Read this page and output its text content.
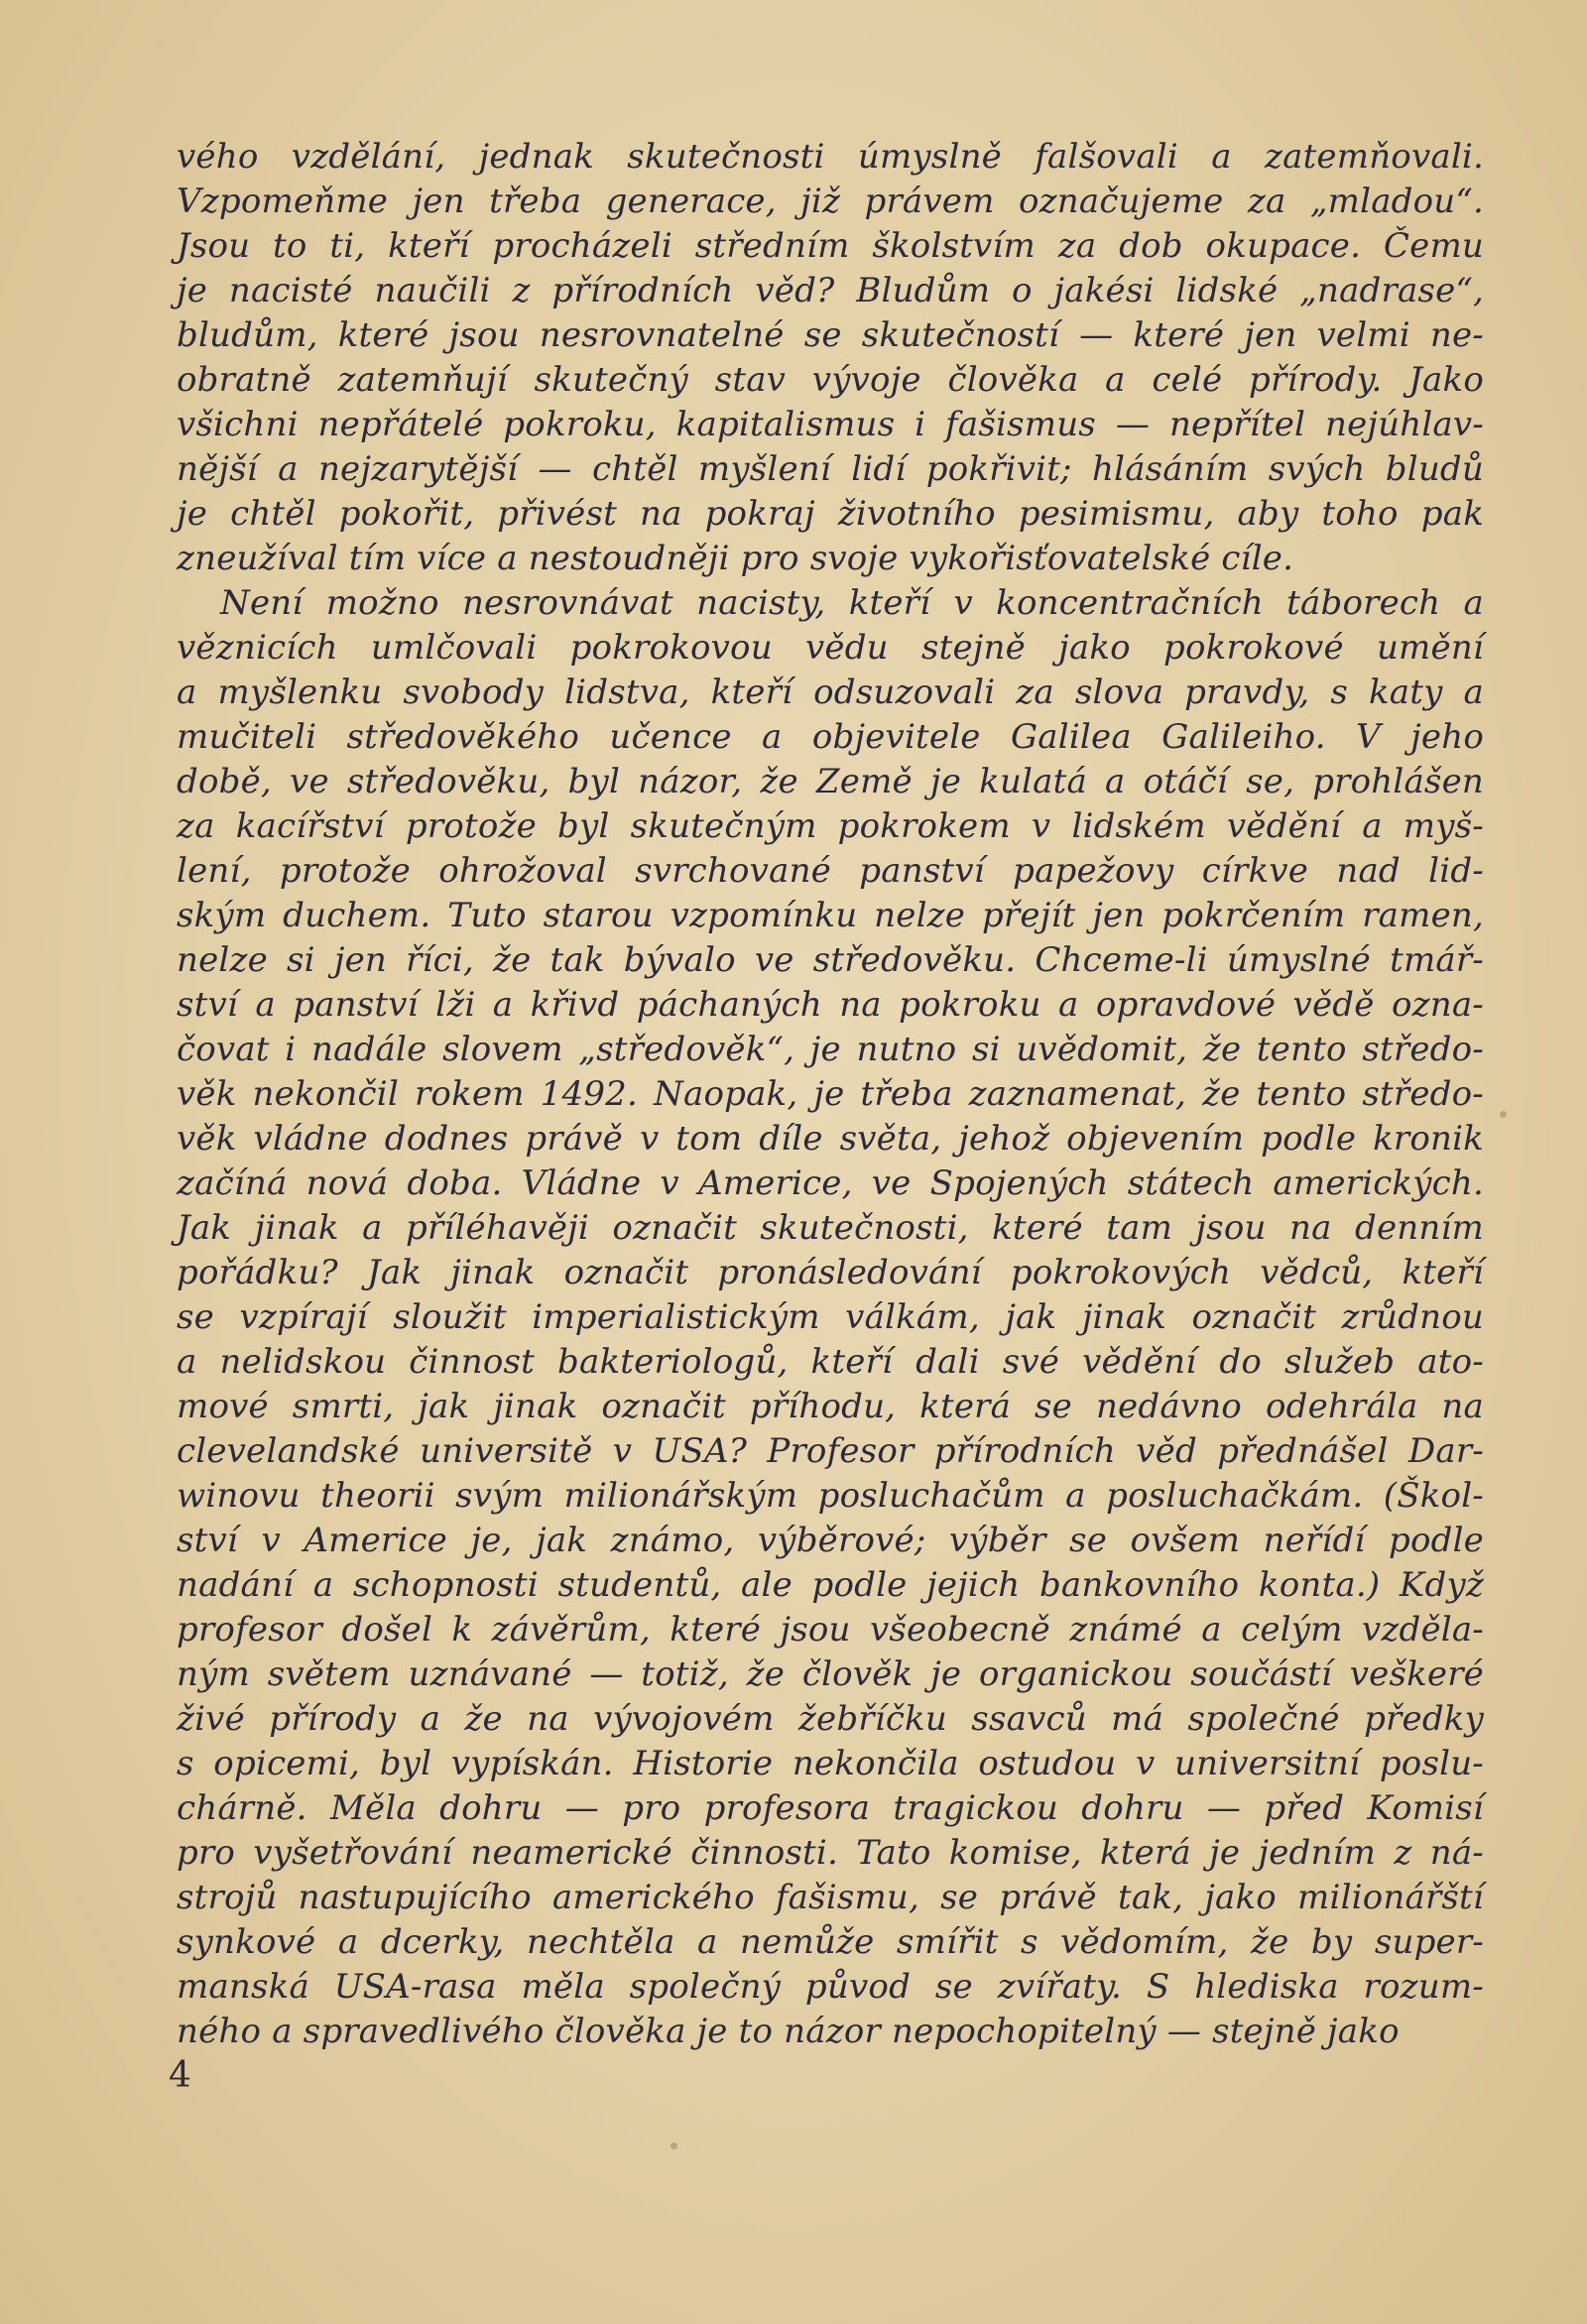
vého vzdělání, jednak skutečnosti úmyslně falšovali a zatemňovali.
Vzpomeňme jen třeba generace, již právem označujeme za „mladou“.
Jsou to ti, kteří procházeli středním školstvím za dob okupace. Čemu
je nacisté naučili z přírodních věd? Bludům o jakési lidské „nadrase“,
bludům, které jsou nesrovnatelné se skutečností — které jen velmi ne-
obratně zatemňují skutečný stav vývoje člověka a celé přírody. Jako
všichni nepřátelé pokroku, kapitalismus i fašismus — nepřítel nejúhlav-
nější a nejzarytější — chtěl myšlení lidí pokřivit; hlásáním svých bludů
je chtěl pokořit, přivést na pokraj životního pesimismu, aby toho pak
zneužíval tím více a nestoudněji pro svoje vykořisťovatelské cíle.
Není možno nesrovnávat nacisty, kteří v koncentračních táborech a
věznicích umlčovali pokrokovou vědu stejně jako pokrokové umění
a myšlenku svobody lidstva, kteří odsuzovali za slova pravdy, s katy a
mučiteli středověkého učence a objevitele Galilea Galileiho. V jeho
době, ve středověku, byl názor, že Země je kulatá a otáčí se, prohlášen
za kacířství protože byl skutečným pokrokem v lidském vědění a myš-
lení, protože ohrožoval svrchované panství papežovy církve nad lid-
ským duchem. Tuto starou vzpomínku nelze přejít jen pokrčením ramen,
nelze si jen říci, že tak bývalo ve středověku. Chceme-li úmyslné tmář-
ství a panství lži a křivd páchaných na pokroku a opravdové vědě ozna-
čovat i nadále slovem „středověk“, je nutno si uvědomit, že tento středo-
věk nekončil rokem 1492. Naopak, je třeba zaznamenat, že tento středo-
věk vládne dodnes právě v tom díle světa, jehož objevením podle kronik
začíná nová doba. Vládne v Americe, ve Spojených státech amerických.
Jak jinak a příléhavěji označit skutečnosti, které tam jsou na denním
pořádku? Jak jinak označit pronásledování pokrokových vědců, kteří
se vzpírají sloužit imperialistickým válkám, jak jinak označit zrůdnou
a nelidskou činnost bakteriologů, kteří dali své vědění do služeb ato-
mové smrti, jak jinak označit příhodu, která se nedávno odehrála na
clevelandské universitě v USA? Profesor přírodních věd přednášel Dar-
winovu theorii svým milionářským posluchačům a posluchačkám. (Škol-
ství v Americe je, jak známo, výběrové; výběr se ovšem neřídí podle
nadání a schopnosti studentů, ale podle jejich bankovního konta.) Když
profesor došel k závěrům, které jsou všeobecně známé a celým vzděla-
ným světem uznávané — totiž, že člověk je organickou součástí veškeré
živé přírody a že na vývojovém žebříčku ssavců má společné předky
s opicemi, byl vypískán. Historie nekončila ostudou v universitní poslu-
chárně. Měla dohru — pro profesora tragickou dohru — před Komisí
pro vyšetřování neamerické činnosti. Tato komise, která je jedním z ná-
strojů nastupujícího amerického fašismu, se právě tak, jako milionářští
synkové a dcerky, nechtěla a nemůže smířit s vědomím, že by super-
manská USA-rasa měla společný původ se zvířaty. S hlediska rozum-
ného a spravedlivého člověka je to názor nepochopitelný — stejně jako
4
